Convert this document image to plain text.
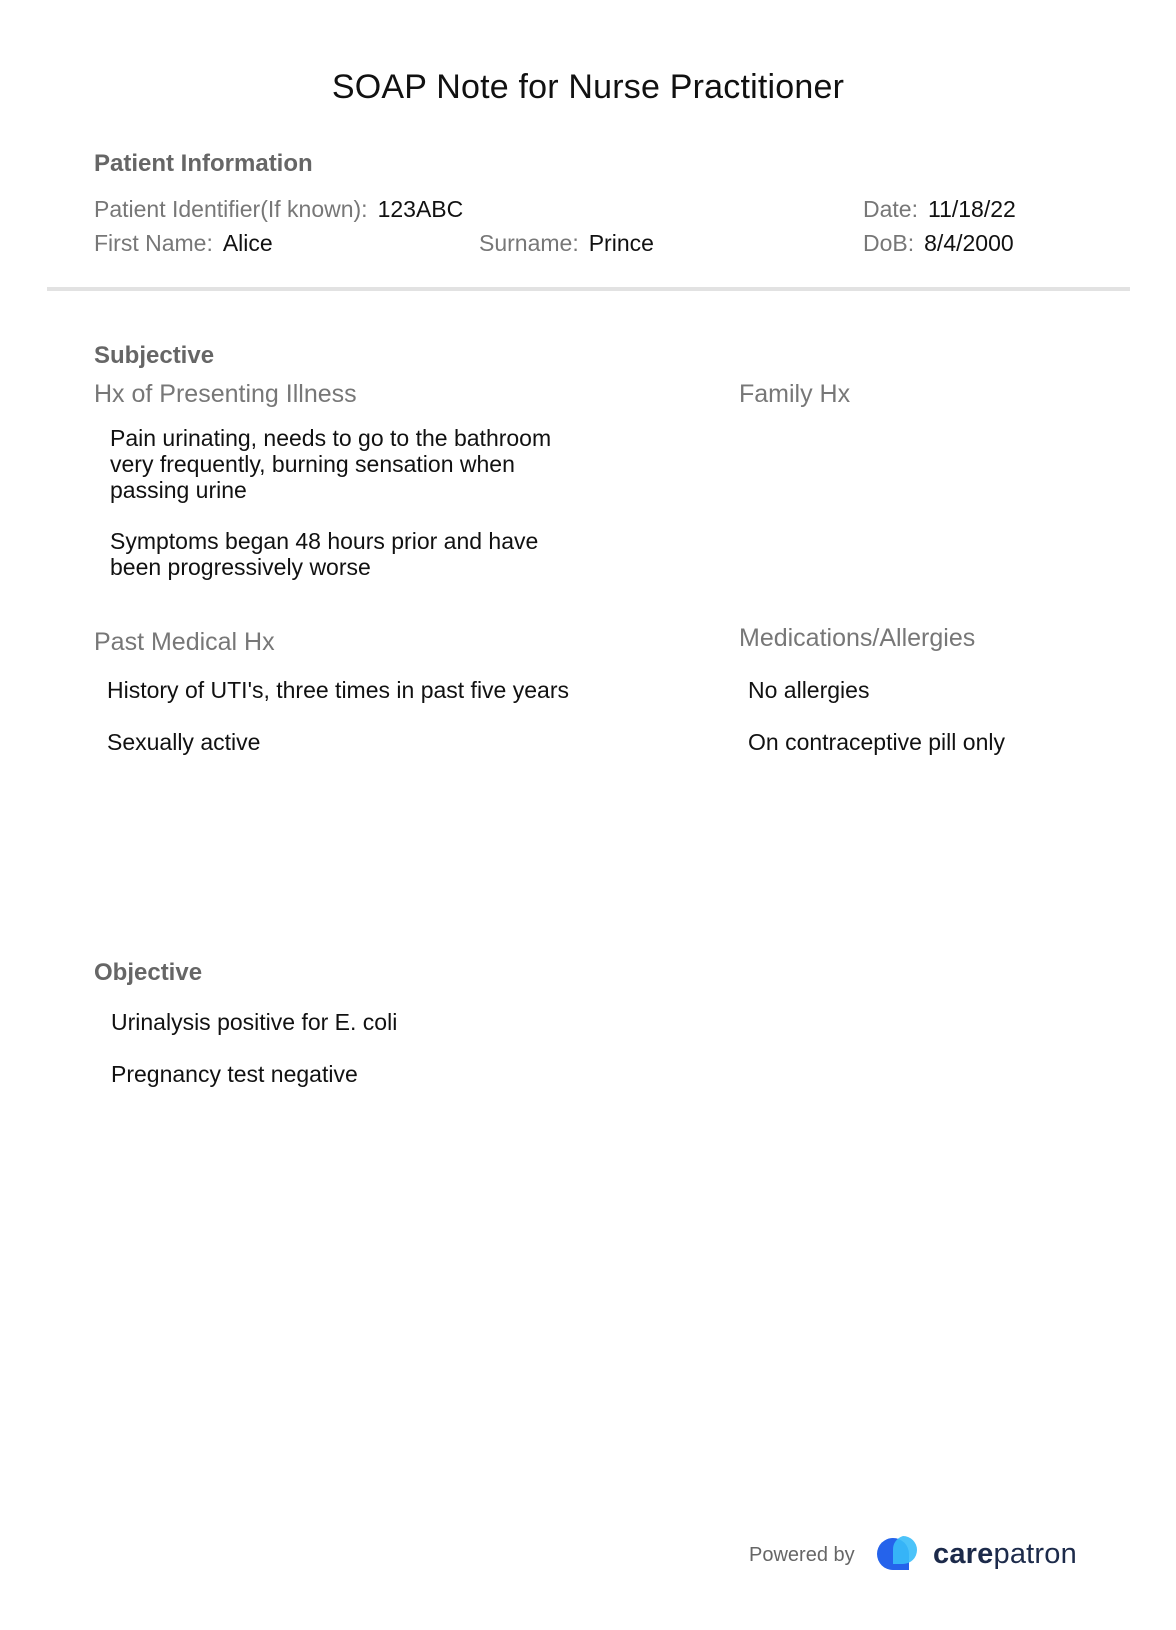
SOAP Note for Nurse Practitioner
Patient Information
Patient Identifier(If known): 123ABC	Date: 11/18/22
First Name: Alice	Surname: Prince	DoB: 8/4/2000
Subjective
Hx of Presenting Illness	Family Hx
Pain urinating, needs to go to the bathroom
very frequently, burning sensation when
passing urine
Symptoms began 48 hours prior and have
been progressively worse
Past Medical Hx	Medications/Allergies
History of UTI's, three times in past five years
Sexually active
No allergies
On contraceptive pill only
Objective
Urinalysis positive for E. coli
Pregnancy test negative
Powered by	carepatron
